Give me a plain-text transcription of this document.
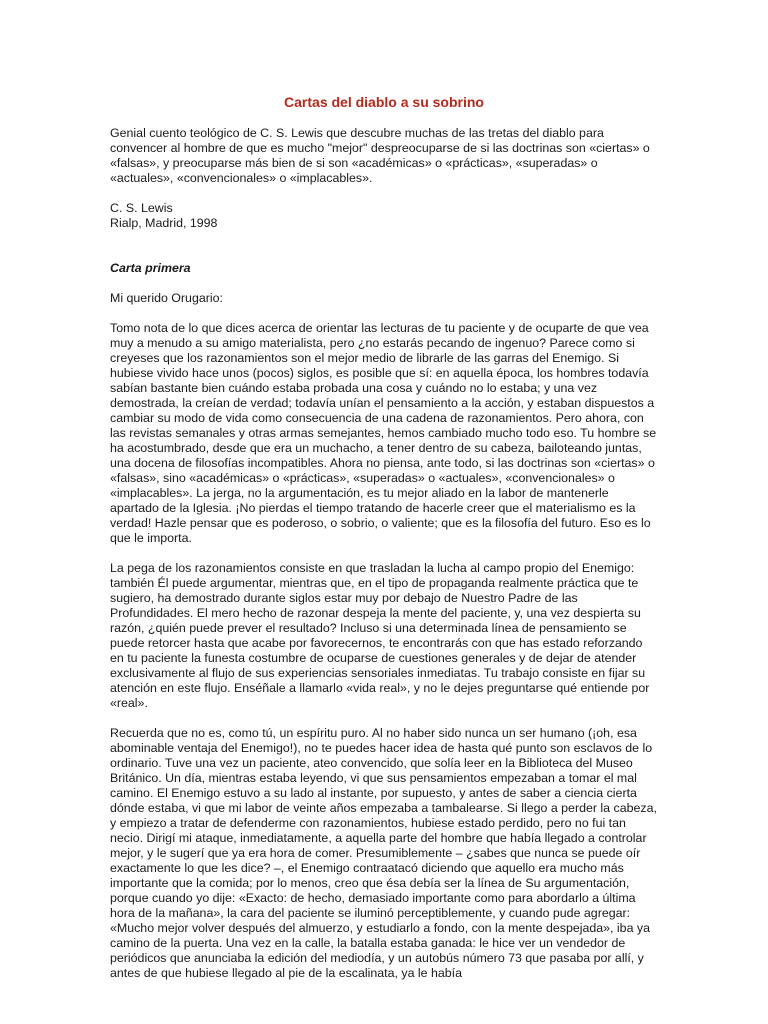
Cartas del diablo a su sobrino

Genial cuento teológico de C. S. Lewis que descubre muchas de las tretas del diablo para convencer al hombre de que es mucho "mejor" despreocuparse de si las doctrinas son «ciertas» o «falsas», y preocuparse más bien de si son «académicas» o «prácticas», «superadas» o «actuales», «convencionales» o «implacables».

C. S. Lewis
Rialp, Madrid, 1998
Carta primera

Mi querido Orugario:

Tomo nota de lo que dices acerca de orientar las lecturas de tu paciente y de ocuparte de que vea muy a menudo a su amigo materialista, pero ¿no estarás pecando de ingenuo? Parece como si creyeses que los razonamientos son el mejor medio de librarle de las garras del Enemigo. Si hubiese vivido hace unos (pocos) siglos, es posible que sí: en aquella época, los hombres todavía sabían bastante bien cuándo estaba probada una cosa y cuándo no lo estaba; y una vez demostrada, la creían de verdad; todavía unían el pensamiento a la acción, y estaban dispuestos a cambiar su modo de vida como consecuencia de una cadena de razonamientos. Pero ahora, con las revistas semanales y otras armas semejantes, hemos cambiado mucho todo eso. Tu hombre se ha acostumbrado, desde que era un muchacho, a tener dentro de su cabeza, bailoteando juntas, una docena de filosofías incompatibles. Ahora no piensa, ante todo, si las doctrinas son «ciertas» o «falsas», sino «académicas» o «prácticas», «superadas» o «actuales», «convencionales» o «implacables». La jerga, no la argumentación, es tu mejor aliado en la labor de mantenerle apartado de la Iglesia. ¡No pierdas el tiempo tratando de hacerle creer que el materialismo es la verdad! Hazle pensar que es poderoso, o sobrio, o valiente; que es la filosofía del futuro. Eso es lo que le importa.

La pega de los razonamientos consiste en que trasladan la lucha al campo propio del Enemigo: también Él puede argumentar, mientras que, en el tipo de propaganda realmente práctica que te sugiero, ha demostrado durante siglos estar muy por debajo de Nuestro Padre de las Profundidades. El mero hecho de razonar despeja la mente del paciente, y, una vez despierta su razón, ¿quién puede prever el resultado? Incluso si una determinada línea de pensamiento se puede retorcer hasta que acabe por favorecernos, te encontrarás con que has estado reforzando en tu paciente la funesta costumbre de ocuparse de cuestiones generales y de dejar de atender exclusivamente al flujo de sus experiencias sensoriales inmediatas. Tu trabajo consiste en fijar su atención en este flujo. Enséñale a llamarlo «vida real», y no le dejes preguntarse qué entiende por «real».

Recuerda que no es, como tú, un espíritu puro. Al no haber sido nunca un ser humano (¡oh, esa abominable ventaja del Enemigo!), no te puedes hacer idea de hasta qué punto son esclavos de lo ordinario. Tuve una vez un paciente, ateo convencido, que solía leer en la Biblioteca del Museo Británico. Un día, mientras estaba leyendo, vi que sus pensamientos empezaban a tomar el mal camino. El Enemigo estuvo a su lado al instante, por supuesto, y antes de saber a ciencia cierta dónde estaba, vi que mi labor de veinte años empezaba a tambalearse. Si llego a perder la cabeza, y empiezo a tratar de defenderme con razonamientos, hubiese estado perdido, pero no fui tan necio. Dirigí mi ataque, inmediatamente, a aquella parte del hombre que había llegado a controlar mejor, y le sugerí que ya era hora de comer. Presumiblemente – ¿sabes que nunca se puede oír exactamente lo que les dice? –, el Enemigo contraatacó diciendo que aquello era mucho más importante que la comida; por lo menos, creo que ésa debía ser la línea de Su argumentación, porque cuando yo dije: «Exacto: de hecho, demasiado importante como para abordarlo a última hora de la mañana», la cara del paciente se iluminó perceptiblemente, y cuando pude agregar: «Mucho mejor volver después del almuerzo, y estudiarlo a fondo, con la mente despejada», iba ya camino de la puerta. Una vez en la calle, la batalla estaba ganada: le hice ver un vendedor de periódicos que anunciaba la edición del mediodía, y un autobús número 73 que pasaba por allí, y antes de que hubiese llegado al pie de la escalinata, ya le había
